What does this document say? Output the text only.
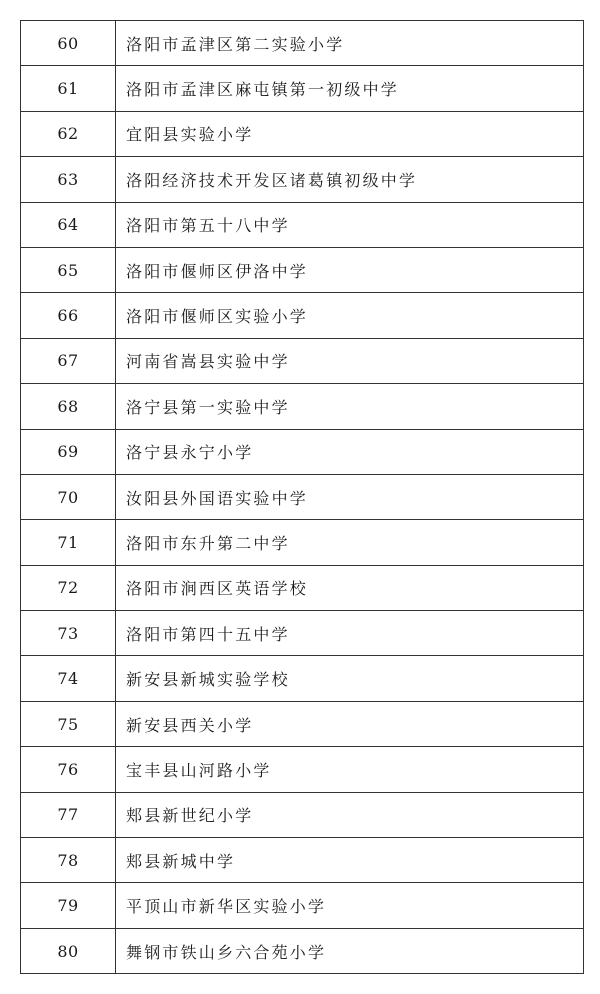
60	洛阳市孟津区第二实验小学
61	洛阳市孟津区麻屯镇第一初级中学
62	宜阳县实验小学
63	洛阳经济技术开发区诸葛镇初级中学
64	洛阳市第五十八中学
65	洛阳市偃师区伊洛中学
66	洛阳市偃师区实验小学
67	河南省嵩县实验中学
68	洛宁县第一实验中学
69	洛宁县永宁小学
70	汝阳县外国语实验中学
71	洛阳市东升第二中学
72	洛阳市涧西区英语学校
73	洛阳市第四十五中学
74	新安县新城实验学校
75	新安县西关小学
76	宝丰县山河路小学
77	郏县新世纪小学
78	郏县新城中学
79	平顶山市新华区实验小学
80	舞钢市铁山乡六合苑小学
